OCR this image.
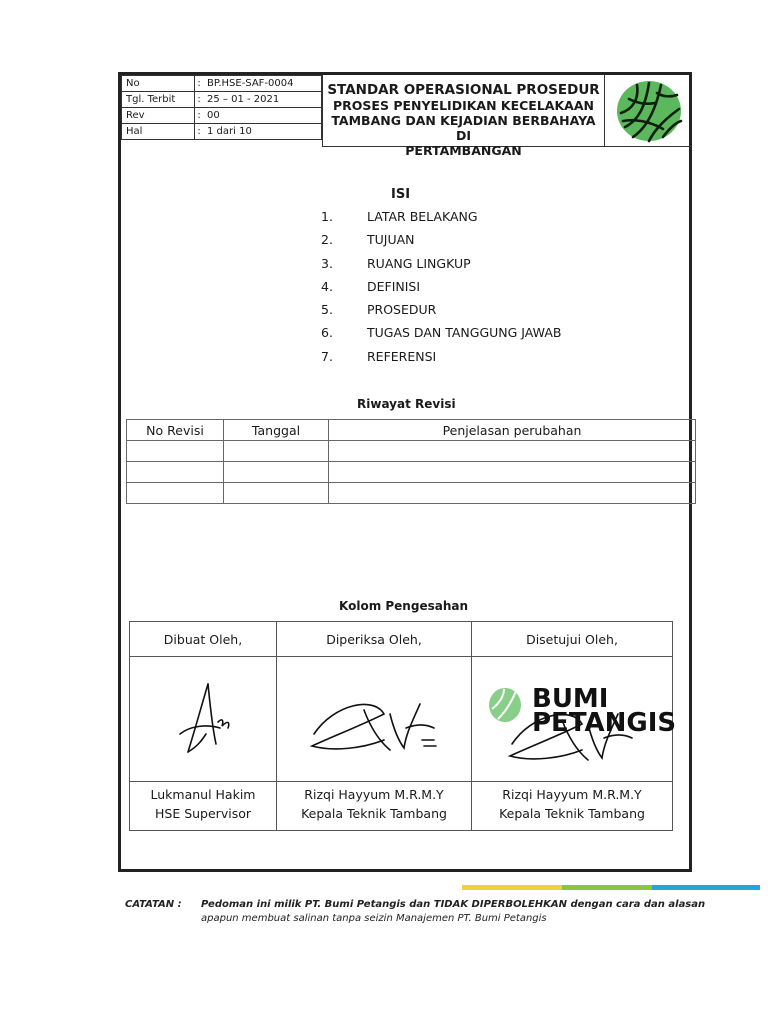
No	:	BP.HSE-SAF-0004
Tgl. Terbit	:	25 – 01 - 2021
Rev	:	00
Hal	:	1 dari 10
STANDAR OPERASIONAL PROSEDUR
PROSES PENYELIDIKAN KECELAKAAN
TAMBANG DAN KEJADIAN BERBAHAYA DI
PERTAMBANGAN
ISI
1.	LATAR BELAKANG
2.	TUJUAN
3.	RUANG LINGKUP
4.	DEFINISI
5.	PROSEDUR
6.	TUGAS DAN TANGGUNG JAWAB
7.	REFERENSI
Riwayat Revisi
No Revisi	Tanggal	Penjelasan perubahan

Kolom Pengesahan
Dibuat Oleh,	Diperiksa Oleh,	Disetujui Oleh,

BUMI
PETANGIS

Lukmanul Hakim	Rizqi Hayyum M.R.M.Y	Rizqi Hayyum M.R.M.Y
HSE Supervisor	Kepala Teknik Tambang	Kepala Teknik Tambang
CATATAN : Pedoman ini milik PT. Bumi Petangis dan TIDAK DIPERBOLEHKAN dengan cara dan alasan
apapun membuat salinan tanpa seizin Manajemen PT. Bumi Petangis
